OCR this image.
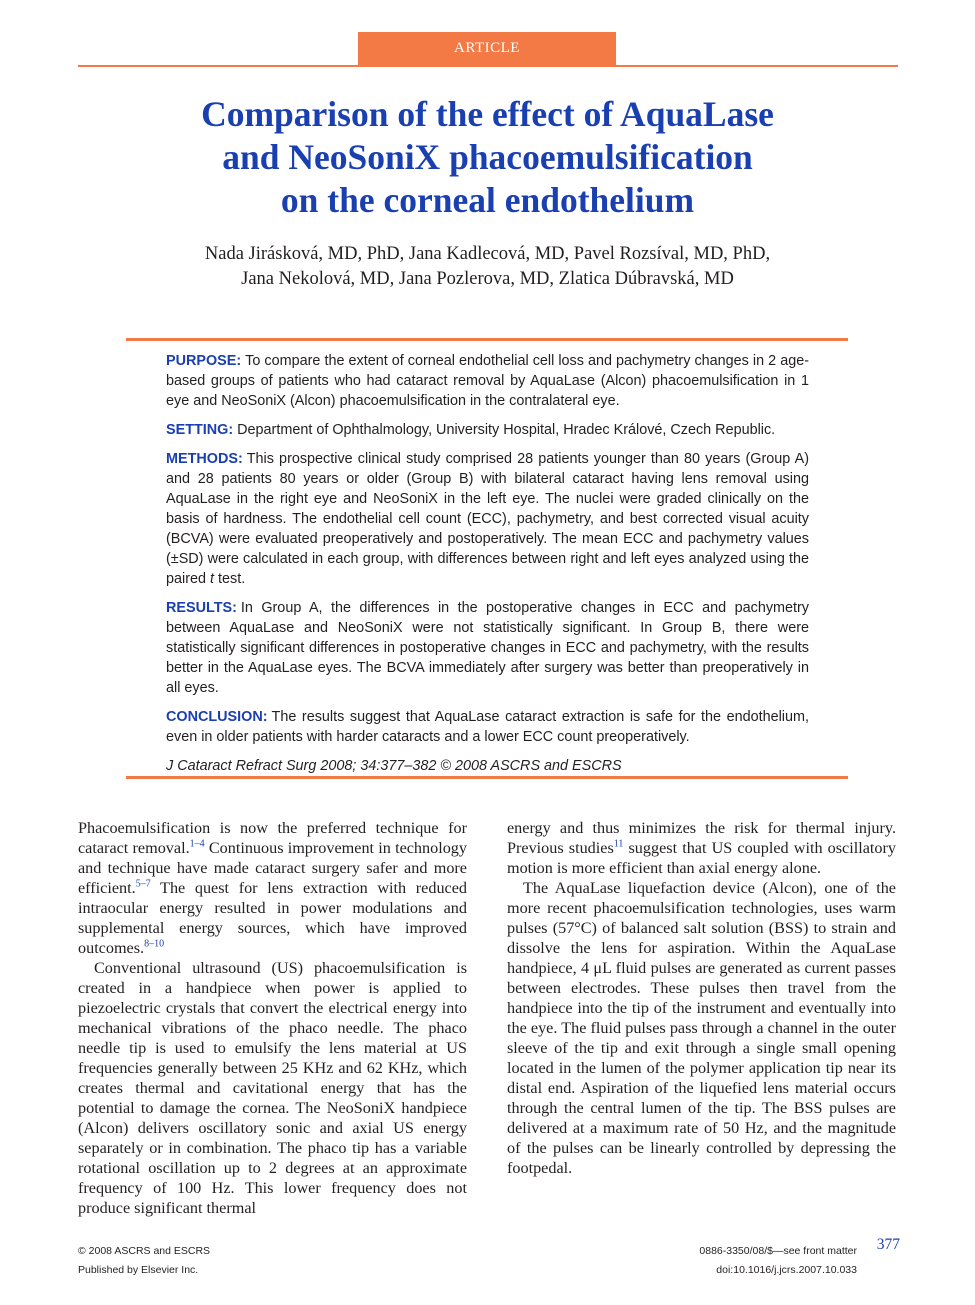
ARTICLE
Comparison of the effect of AquaLase
and NeoSoniX phacoemulsification
on the corneal endothelium
Nada Jirásková, MD, PhD, Jana Kadlecová, MD, Pavel Rozsíval, MD, PhD,
Jana Nekolová, MD, Jana Pozlerova, MD, Zlatica Dúbravská, MD

PURPOSE: To compare the extent of corneal endothelial cell loss and pachymetry changes in 2 age-based groups of patients who had cataract removal by AquaLase (Alcon) phacoemulsification in 1 eye and NeoSoniX (Alcon) phacoemulsification in the contralateral eye.

SETTING: Department of Ophthalmology, University Hospital, Hradec Králové, Czech Republic.

METHODS: This prospective clinical study comprised 28 patients younger than 80 years (Group A) and 28 patients 80 years or older (Group B) with bilateral cataract having lens removal using AquaLase in the right eye and NeoSoniX in the left eye. The nuclei were graded clinically on the basis of hardness. The endothelial cell count (ECC), pachymetry, and best corrected visual acuity (BCVA) were evaluated preoperatively and postoperatively. The mean ECC and pachymetry values (±SD) were calculated in each group, with differences between right and left eyes analyzed using the paired t test.

RESULTS: In Group A, the differences in the postoperative changes in ECC and pachymetry between AquaLase and NeoSoniX were not statistically significant. In Group B, there were statistically significant differences in postoperative changes in ECC and pachymetry, with the results better in the AquaLase eyes. The BCVA immediately after surgery was better than preoperatively in all eyes.

CONCLUSION: The results suggest that AquaLase cataract extraction is safe for the endothelium, even in older patients with harder cataracts and a lower ECC count preoperatively.

J Cataract Refract Surg 2008; 34:377–382 © 2008 ASCRS and ESCRS

Phacoemulsification is now the preferred technique for cataract removal.$^{1-4}$ Continuous improvement in technology and technique have made cataract surgery safer and more efficient.$^{5-7}$ The quest for lens extraction with reduced intraocular energy resulted in power modulations and supplemental energy sources, which have improved outcomes.$^{8-10}$

Conventional ultrasound (US) phacoemulsification is created in a handpiece when power is applied to piezoelectric crystals that convert the electrical energy into mechanical vibrations of the phaco needle. The phaco needle tip is used to emulsify the lens material at US frequencies generally between 25 KHz and 62 KHz, which creates thermal and cavitational energy that has the potential to damage the cornea. The NeoSoniX handpiece (Alcon) delivers oscillatory sonic and axial US energy separately or in combination. The phaco tip has a variable rotational oscillation up to 2 degrees at an approximate frequency of 100 Hz. This lower frequency does not produce significant thermal

energy and thus minimizes the risk for thermal injury. Previous studies$^{11}$ suggest that US coupled with oscillatory motion is more efficient than axial energy alone.

The AquaLase liquefaction device (Alcon), one of the more recent phacoemulsification technologies, uses warm pulses (57°C) of balanced salt solution (BSS) to strain and dissolve the lens for aspiration. Within the AquaLase handpiece, 4 μL fluid pulses are generated as current passes between electrodes. These pulses then travel from the handpiece into the tip of the instrument and eventually into the eye. The fluid pulses pass through a channel in the outer sleeve of the tip and exit through a single small opening located in the lumen of the polymer application tip near its distal end. Aspiration of the liquefied lens material occurs through the central lumen of the tip. The BSS pulses are delivered at a maximum rate of 50 Hz, and the magnitude of the pulses can be linearly controlled by depressing the footpedal.

© 2008 ASCRS and ESCRS
Published by Elsevier Inc.
0886-3350/08/$—see front matter
doi:10.1016/j.jcrs.2007.10.033
377
